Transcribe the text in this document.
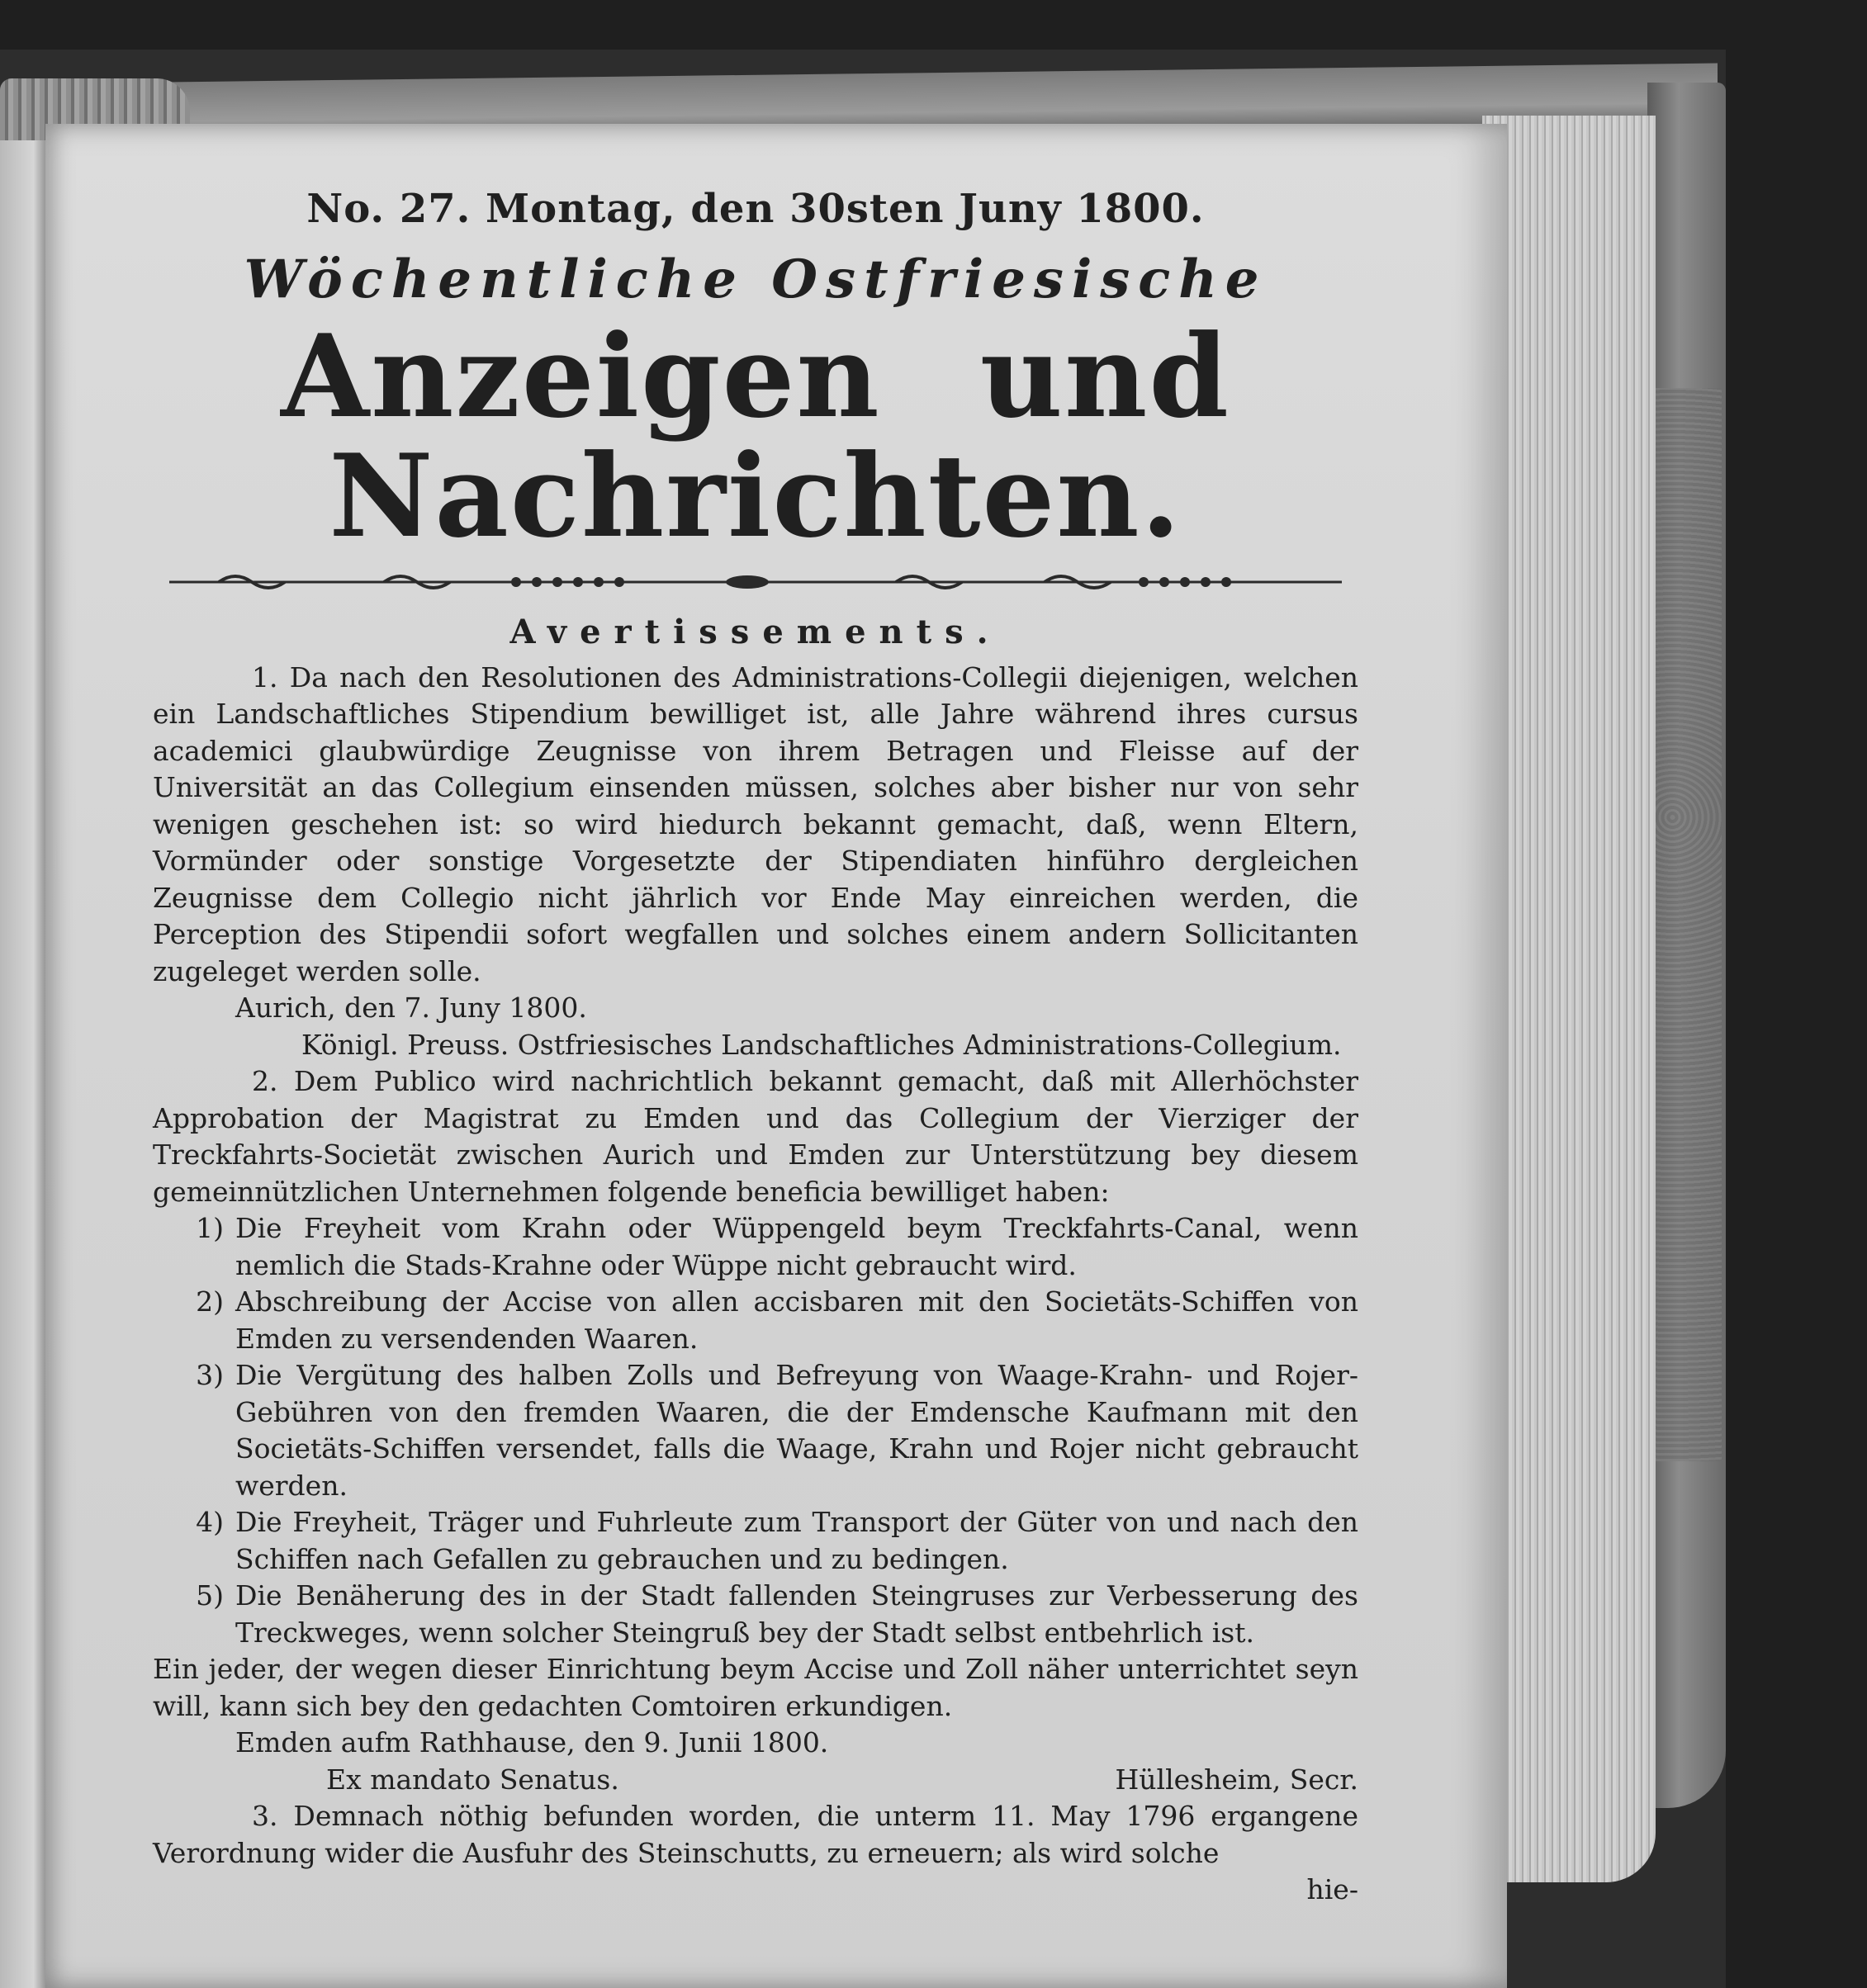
No. 27. Montag, den 30sten Juny 1800.

Wöchentliche Ostfriesische

Anzeigen und Nachrichten.

Avertissements.

1. Da nach den Resolutionen des Administrations-Collegii diejenigen, welchen ein Landschaftliches Stipendium bewilliget ist, alle Jahre während ihres cursus academici glaubwürdige Zeugnisse von ihrem Betragen und Fleisse auf der Universität an das Collegium einsenden müssen, solches aber bisher nur von sehr wenigen geschehen ist: so wird hiedurch bekannt gemacht, daß, wenn Eltern, Vormünder oder sonstige Vorgesetzte der Stipendiaten hinführo dergleichen Zeugnisse dem Collegio nicht jährlich vor Ende May einreichen werden, die Perception des Stipendii sofort wegfallen und solches einem andern Sollicitanten zugeleget werden solle.

Aurich, den 7. Juny 1800.

Königl. Preuss. Ostfriesisches Landschaftliches Administrations-Collegium.

2. Dem Publico wird nachrichtlich bekannt gemacht, daß mit Allerhöchster Approbation der Magistrat zu Emden und das Collegium der Vierziger der Treckfahrts-Societät zwischen Aurich und Emden zur Unterstützung bey diesem gemeinnützlichen Unternehmen folgende beneficia bewilliget haben:

1) Die Freyheit vom Krahn oder Wüppengeld beym Treckfahrts-Canal, wenn nemlich die Stads-Krahne oder Wüppe nicht gebraucht wird.
2) Abschreibung der Accise von allen accisbaren mit den Societäts-Schiffen von Emden zu versendenden Waaren.
3) Die Vergütung des halben Zolls und Befreyung von Waage-Krahn- und Rojer-Gebühren von den fremden Waaren, die der Emdensche Kaufmann mit den Societäts-Schiffen versendet, falls die Waage, Krahn und Rojer nicht gebraucht werden.
4) Die Freyheit, Träger und Fuhrleute zum Transport der Güter von und nach den Schiffen nach Gefallen zu gebrauchen und zu bedingen.
5) Die Benäherung des in der Stadt fallenden Steingruses zur Verbesserung des Treckweges, wenn solcher Steingruß bey der Stadt selbst entbehrlich ist.

Ein jeder, der wegen dieser Einrichtung beym Accise und Zoll näher unterrichtet seyn will, kann sich bey den gedachten Comtoiren erkundigen.

Emden aufm Rathhause, den 9. Junii 1800.

Ex mandato Senatus.	Hüllesheim, Secr.

3. Demnach nöthig befunden worden, die unterm 11. May 1796 ergangene Verordnung wider die Ausfuhr des Steinschutts, zu erneuern; als wird solche

hie-
